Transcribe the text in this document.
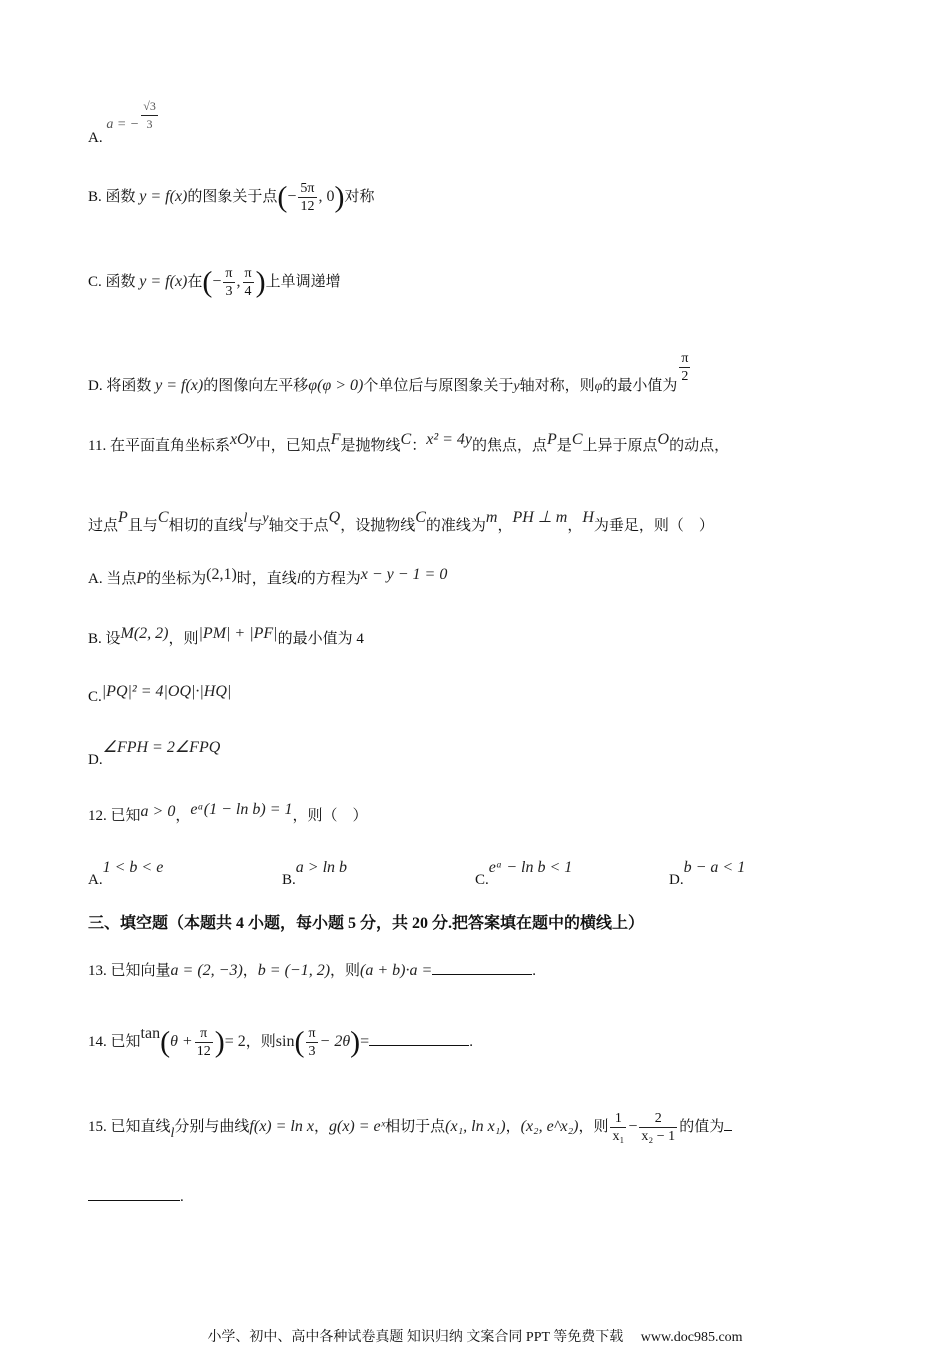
A. a = − $\frac{√3}{3}$
B. 函数 y = f(x)的图象关于点(− $\frac{5\pi}{12}$ , 0)对称
C. 函数 y = f(x)在(− $\frac{\pi}{3}$ , $\frac{\pi}{4}$ )上单调递增
D. 将函数 y = f(x)的图像向左平移φ(φ > 0)个单位后与原图象关于y轴对称，则φ的最小值为
$\frac{\pi}{2}$
11. 在平面直角坐标系xOy中，已知点F是抛物线C：x² = 4y的焦点，点P是C上异于原点O的动点，
过点P且与C相切的直线l与y轴交于点Q，设抛物线C的准线为m，PH ⊥ m，H为垂足，则（　）
A. 当点P的坐标为(2,1)时，直线l的方程为x − y − 1 = 0
B. 设M(2, 2)，则|PM| + |PF|的最小值为 4
C.|PQ|² = 4|OQ|·|HQ|
D.∠FPH = 2∠FPQ
12. 已知a > 0，eᵃ(1 − ln b) = 1，则（　）
A.1 < b < e
B.a > ln b
C.eᵃ − ln b < 1
D.b − a < 1
三、填空题（本题共 4 小题，每小题 5 分，共 20 分.把答案填在题中的横线上）
13. 已知向量a = (2, −3)，b = (−1, 2)，则(a + b)·a =	.
14. 已知$\tan(\theta + \frac{\pi}{12}$ )= 2，则$\sin( \frac{\pi}{3} - 2\theta)=$	.
15. 已知直线l分别与曲线f(x) = ln x，g(x) = eˣ相切于点(x₁, ln x₁)，(x₂, e^x₂)，则 $\frac{1}{\text{x₁}} - \frac{2}{\text{x₂ − 1}}$ 的值为
.
小学、初中、高中各种试卷真题 知识归纳 文案合同 PPT 等免费下载　 www.doc985.com
